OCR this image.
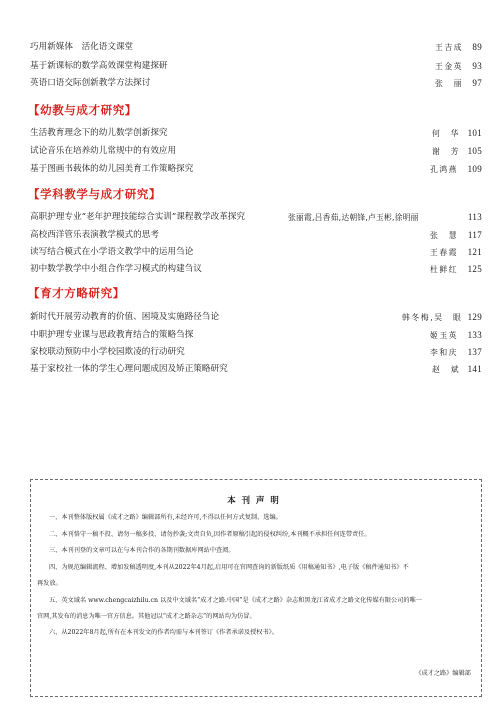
巧用新媒体　活化语文课堂	王吉成 89
基于新课标的数学高效课堂构建探研	王金英 93
英语口语交际创新教学方法探讨	张　丽 97
【幼教与成才研究】
生活教育理念下的幼儿数学创新探究	何　华 101
试论音乐在培养幼儿常规中的有效应用	谢　芳 105
基于图画书载体的幼儿园美育工作策略探究	孔鸿燕 109
【学科教学与成才研究】
高职护理专业“老年护理技能综合实训”课程教学改革探究	张丽霞,吕香茹,达朝锋,卢玉彬,徐明丽	113
高校西洋管乐表演教学模式的思考	张　慧 117
读写结合模式在小学语文教学中的运用刍论	王春霞 121
初中数学教学中小组合作学习模式的构建刍议	杜鲜红 125
【育才方略研究】
新时代开展劳动教育的价值、困境及实施路径刍论	韩冬梅,吴　眼 129
中职护理专业课与思政教育结合的策略刍探	姬玉英 133
家校联动预防中小学校园欺凌的行动研究	李和庆 137
基于家校社一体的学生心理问题成因及矫正策略研究	赵　斌 141
本刊声明
一、本刊整体版权属《成才之路》编辑部所有,未经许可,不得以任何方式复制、选编。
二、本刊恪守一稿不投、请勿一稿多投、请勿抄袭;文责自负,因作者原稿引起的侵权纠纷,本刊概不承担任何连带责任。
三、本刊刊登的文章可以在与本刊合作的各期刊数据库网站中查阅。
四、为规范编辑流程、增加发稿透明度,本刊从2022年4月起,启用可在官网查询的新版纸质《用稿通知书》,电子版《稿件通知书》不
再发放。
五、英文域名 www.chengcaizhilu.cn 以及中文域名“成才之路.中国”是《成才之路》杂志和黑龙江省成才之路文化传媒有限公司的唯一
官网,其发布的消息为唯一官方信息。其他冠以“成才之路杂志”的网站均为仿冒。
六、从2022年8月起,所有在本刊发文的作者均需与本刊签订《作者承诺及授权书》。
《成才之路》编辑部
